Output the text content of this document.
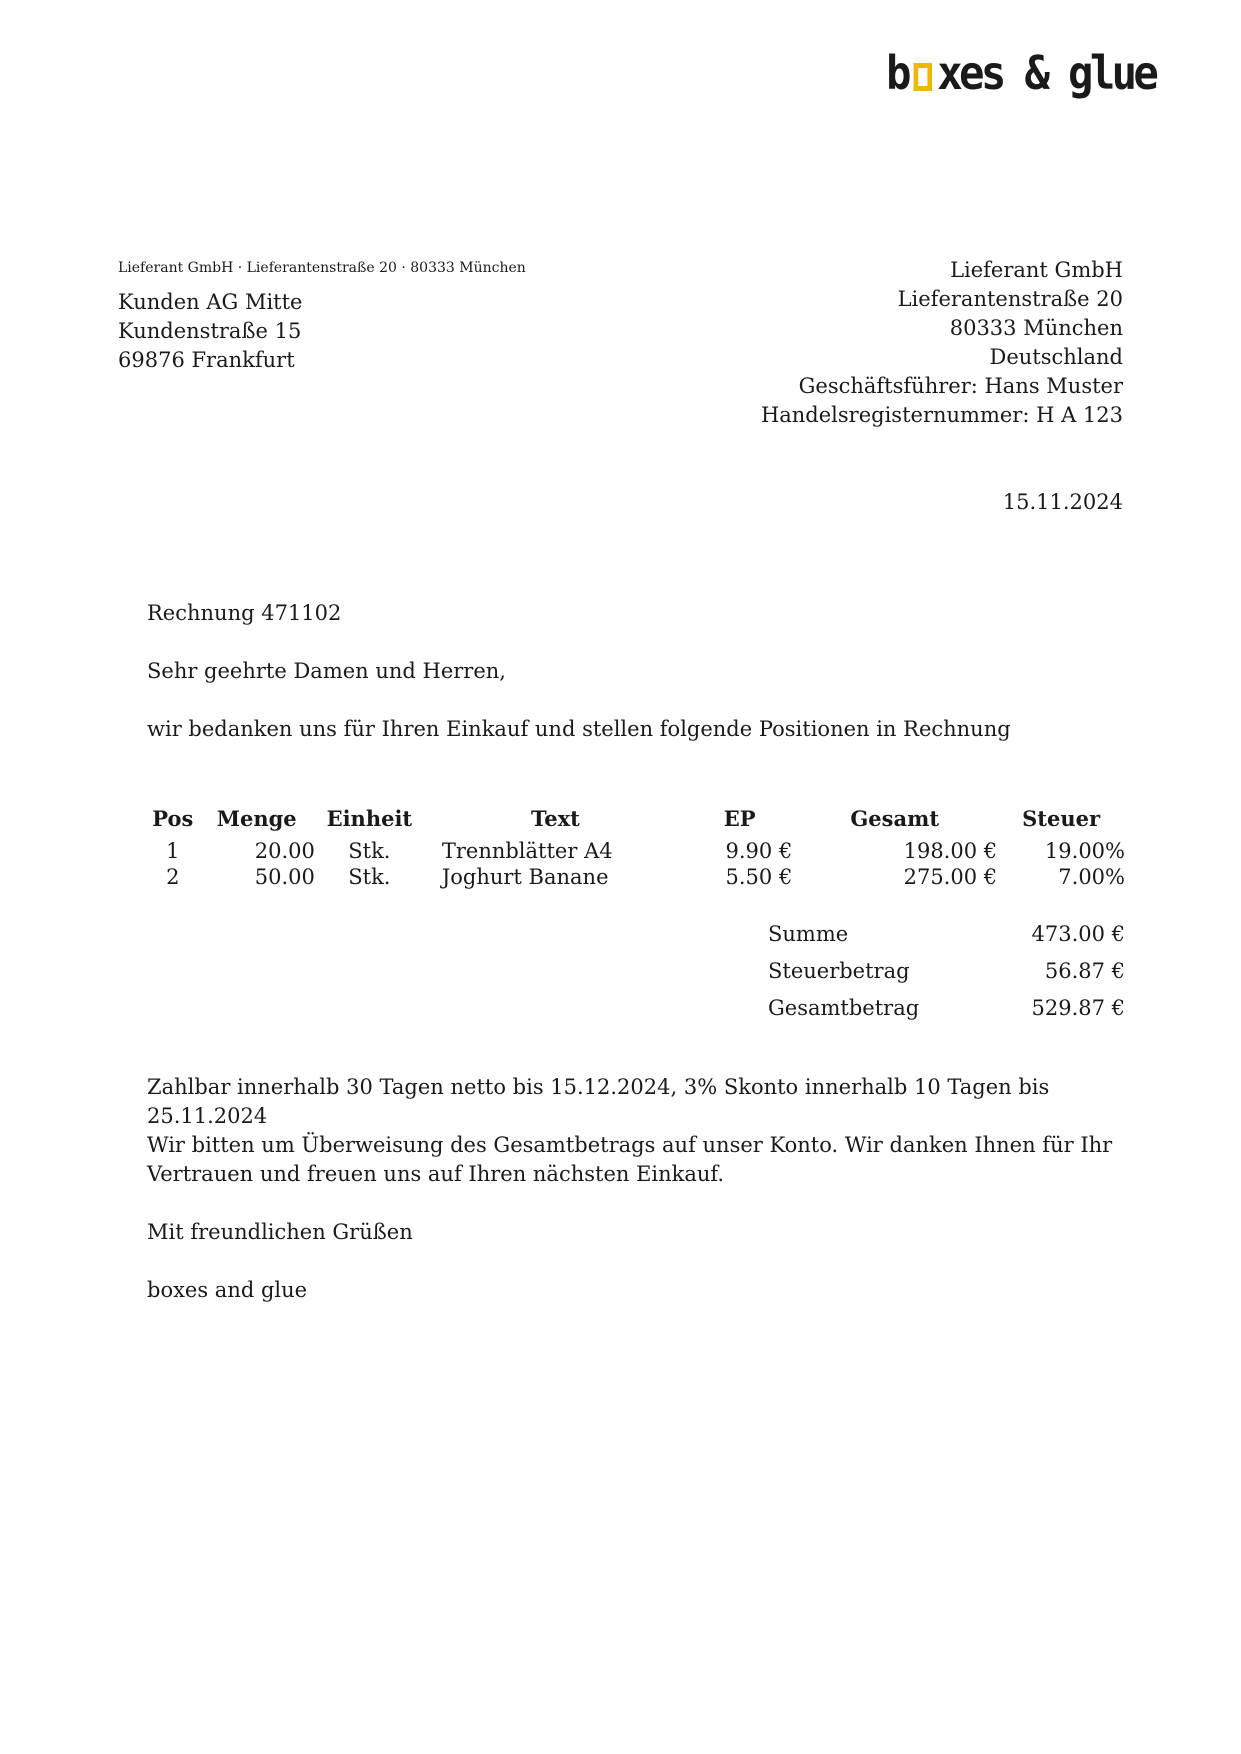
b xes & glue
Lieferant GmbH · Lieferantenstraße 20 · 80333 München
Kunden AG Mitte
Kundenstraße 15
69876 Frankfurt
Lieferant GmbH
Lieferantenstraße 20
80333 München
Deutschland
Geschäftsführer: Hans Muster
Handelsregisternummer: H A 123
15.11.2024
Rechnung 471102
Sehr geehrte Damen und Herren,
wir bedanken uns für Ihren Einkauf und stellen folgende Positionen in Rechnung
Pos	Menge	Einheit	Text	EP	Gesamt	Steuer
1	20.00	Stk.	Trennblätter A4	9.90 €	198.00 €	19.00%
2	50.00	Stk.	Joghurt Banane	5.50 €	275.00 €	7.00%
Summe	473.00 €
Steuerbetrag	56.87 €
Gesamtbetrag	529.87 €
Zahlbar innerhalb 30 Tagen netto bis 15.12.2024, 3% Skonto innerhalb 10 Tagen bis 25.11.2024
Wir bitten um Überweisung des Gesamtbetrags auf unser Konto. Wir danken Ihnen für Ihr
Vertrauen und freuen uns auf Ihren nächsten Einkauf.
Mit freundlichen Grüßen
boxes and glue
